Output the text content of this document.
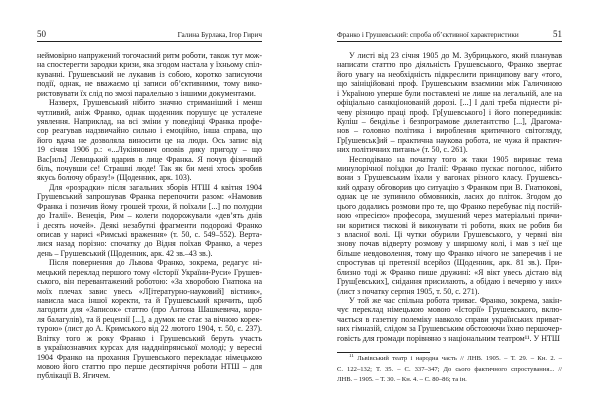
50	Галина Бурлака, Ігор Гирич
неймовірно напружений тогочасний ритм роботи, також тут мож-
на спостерегти зародки кризи, яка згодом настала у їхньому спіл-
куванні. Грушевський не лукавив із собою, коротко записуючи
події, однак, не вважаємо ці записи об’єктивними, тому вико-
ристовувати їх слід по змозі паралельно з іншими документами.
Назверх, Грушевський нібито значно стриманіший і менш
чутливий, аніж Франко, однак щоденник порушує це усталене
уявлення. Наприклад, на всі зміни у поведінці Франка профе-
сор реагував надзвичайно сильно і емоційно, інша справа, що
його вдача не дозволяла виносити це на люди. Ось запис від
19 січня 1906 р.: «...Лукіянович оповів дику пригоду – що
Вас[иль] Левицький вдарив в лице Франка. Я почув фізичний
біль, почувши се! Страшні люде! Так як би мені хтось зробив
якусь болючу образу!» (Щоденник, арк. 103).
Для «розрадки» після загальних зборів НТШ 4 квітня 1904
Грушевський запрошував Франка перепочити разом: «Намовив
Франка і позичив йому грошей трохи, й поїхали [...] по полудни
до Італії». Венеція, Рим – колеги подорожували «дев’ять днів
і десять ночей». Деякі незабутні фрагменти подорожі Франко
описав у нарисі «Римські враження» (т. 50, с. 549–552). Верта-
лися назад порізно: спочатку до Відня поїхав Франко, а через
день – Грушевський (Щоденник, арк. 42 зв.–43 зв.).
Після повернення до Львова Франко, зокрема, редагує ні-
мецький переклад першого тому «Історії України-Руси» Грушев-
ського, він перевантажений роботою: «За хворобою Гнатюка на
моїх плечах завис увесь «Л[ітературно-науковий] вістник»,
нависла маса іншої коректи, та й Грушевський кричить, щоб
лагодити для «Записок» статтю (про Антона Шашкевича, коро-
ля балагулів), та й рецензії [...], а думок не стає за вічною корек-
турою» (лист до А. Кримського від 22 лютого 1904, т. 50, с. 237).
Влітку того ж року Франко і Грушевський беруть участь
в українознавчих курсах для наддніпрянської молоді; у вересні
1904 Франко на прохання Грушевського перекладає німецькою
мовою його статтю про перше десятиріччя роботи НТШ – для
публікації В. Ягичем.
Франко і Грушевський: спроба об’єктивної характеристики	51
У листі від 23 січня 1905 до М. Зубрицького, який планував
написати статтю про діяльність Грушевського, Франко звертає
його увагу на необхідність підкреслити принципову вагу «того,
що заініційовані проф. Грушевським взаємини між Галичиною
і Україною уперше були поставлені не лише на легальній, але на
офіціально санкціонованій дорозі. [...] І далі треба піднести рі-
чеву різницю праці проф. Гр[ушевського] і його попередників:
Куліш – бенділье і безпрограмове дилетантство [...], Драгома-
нов – головно політика і вироблення критичного світогляду,
Гр[ушевськ]ий – практична наукова робота, не чужа й практич-
них політичних питань» (т. 50, с. 261).
Несподівано на початку того ж таки 1905 виринає тема
минулорічної поїздки до Італії: Франко пускає поголос, нібито
вони з Грушевським їхали у вагонах різного класу. Грушевсь-
кий одразу обговорив цю ситуацію з Франком при В. Гнатюкові,
однак це не зупинило обмовників, ласих до пліток. Згодом до
цього додались розмови про те, що Франко перебуває під постій-
ною «пресією» професора, змушений через матеріальні причи-
ни коритися тискові й виконувати ті роботи, яких не робив би
з власної волі. Ці чутки обурили Грушевського, у червні він
знову почав відверту розмову у ширшому колі, і мав з неї ще
більше невдоволення, тому що Франко нічого не заперечив і не
спростував ці претензії всерйоз (Щоденник, арк. 81 зв.). При-
близно тоді ж Франко пише дружині: «Я вікт увесь дістаю від
Груш[евських], снідання присилають, а обідаю і вечеряю у них»
(лист з початку серпня 1905, т. 50, с. 271).
У той же час спільна робота триває. Франко, зокрема, закін-
чує переклад німецькою мовою «Історії» Грушевського, вклю-
чається в газетну полеміку навколо справи українських приват-
них гімназій, слідом за Грушевським обстоюючи їхню першочер-
говість для громади порівняно з національним театром¹¹. У НТШ
$^{11}$ Львівський театр і народна часть // ЛНВ. 1905. – Т. 29. – Кн. 2. –
С. 122–132; Т. 35. – С. 337–347; До сього фактичного спростування... //
ЛНВ. – 1905. – Т. 30. – Кн. 4. – С. 80–86; та ін.
